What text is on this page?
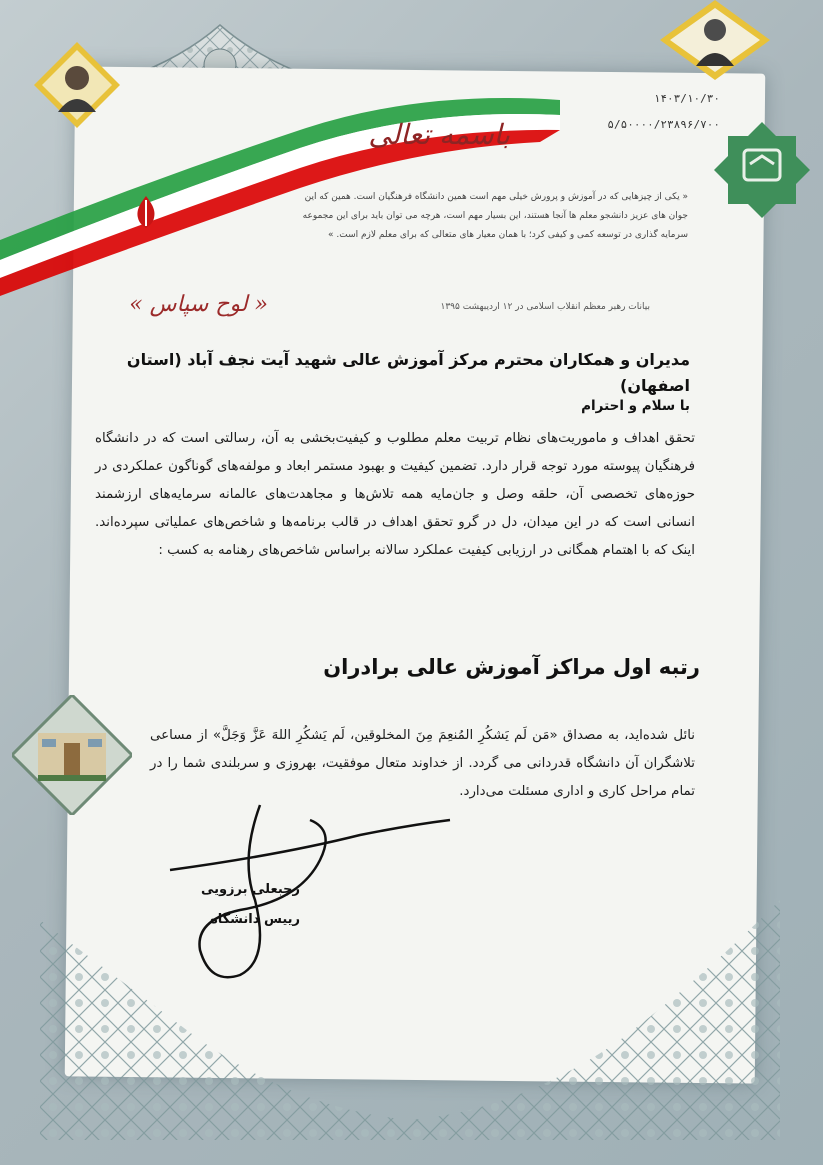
۱۴۰۳/۱۰/۳۰
۵/۵۰۰۰۰/۲۳۸۹۶/۷۰۰
باسمه تعالی
« یکی از چیزهایی که در آموزش و پرورش خیلی مهم است همین دانشگاه فرهنگیان است. همین که این جوان های عزیز دانشجو معلم ها آنجا هستند، این بسیار مهم است، هرچه می توان باید برای این مجموعه سرمایه گذاری در توسعه کمی و کیفی کرد؛ با همان معیار های متعالی که برای معلم لازم است. »
بیانات رهبر معظم انقلاب اسلامی در ۱۲ اردیبهشت ۱۳۹۵
« لوح سپاس »
مدیران و همکاران محترم مرکز آموزش عالی شهید آیت نجف آباد (استان اصفهان)
با سلام و احترام
تحقق اهداف و ماموریت‌های نظام تربیت معلم مطلوب و کیفیت‌بخشی به آن، رسالتی است که در دانشگاه فرهنگیان پیوسته مورد توجه قرار دارد. تضمین کیفیت و بهبود مستمر ابعاد و مولفه‌های گوناگون عملکردی در حوزه‌های تخصصی آن، حلقه وصل و جان‌مایه همه تلاش‌ها و مجاهدت‌های عالمانه سرمایه‌های ارزشمند انسانی است که در این میدان، دل در گرو تحقق اهداف در قالب برنامه‌ها و شاخص‌های عملیاتی سپرده‌اند. اینک که با اهتمام همگانی در ارزیابی کیفیت عملکرد سالانه براساس شاخص‌های رهنامه به کسب :
رتبه اول مراکز آموزش عالی برادران
نائل شده‌اید، به مصداق «مَن لَم یَشکُرِ المُنعِمَ مِنَ المخلوقین، لَم یَشکُرِ اللهَ عَزَّ وَجَلَّ» از مساعی تلاشگران آن دانشگاه قدردانی می گردد. از خداوند متعال موفقیت، بهروزی و سربلندی شما را در تمام مراحل کاری و اداری مسئلت می‌دارد.
رجبعلی برزویی
رییس دانشگاه
